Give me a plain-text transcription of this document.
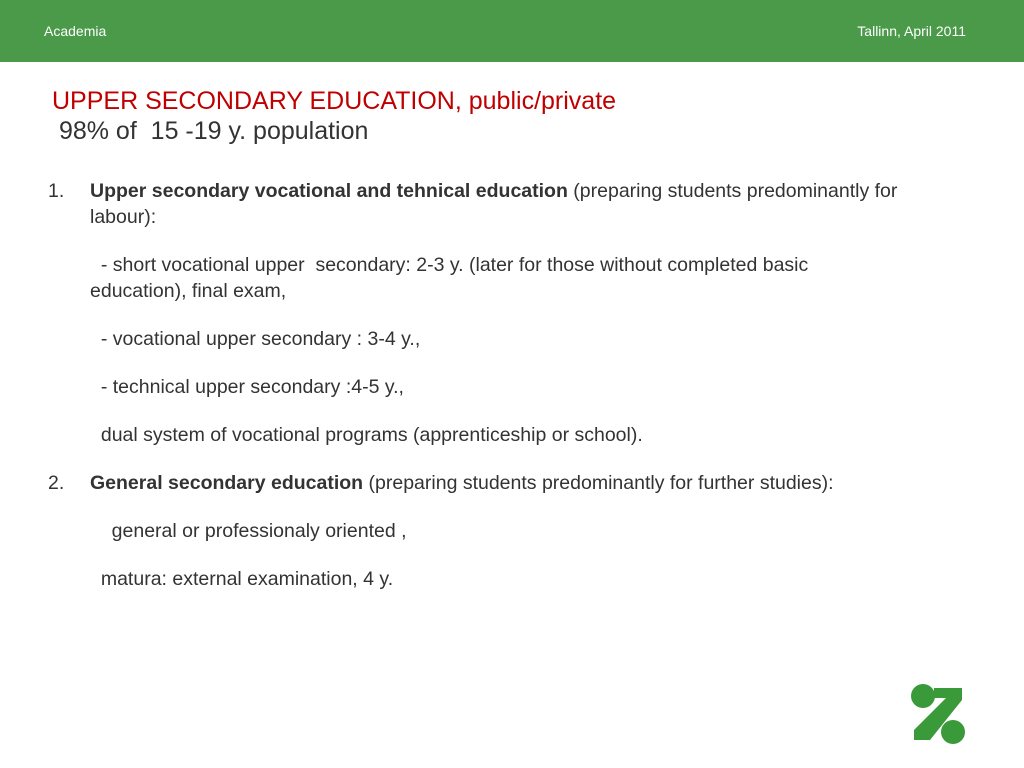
Academia	Tallinn, April 2011
UPPER SECONDARY EDUCATION, public/private
98% of  15 -19 y. population
1. Upper secondary vocational and tehnical education (preparing students predominantly for labour):
- short vocational upper  secondary: 2-3 y. (later for those without completed basic education), final exam,
- vocational upper secondary : 3-4 y.,
- technical upper secondary :4-5 y.,
dual system of vocational programs (apprenticeship or school).
2. General secondary education (preparing students predominantly for further studies):
general or professionaly oriented ,
matura: external examination, 4 y.
